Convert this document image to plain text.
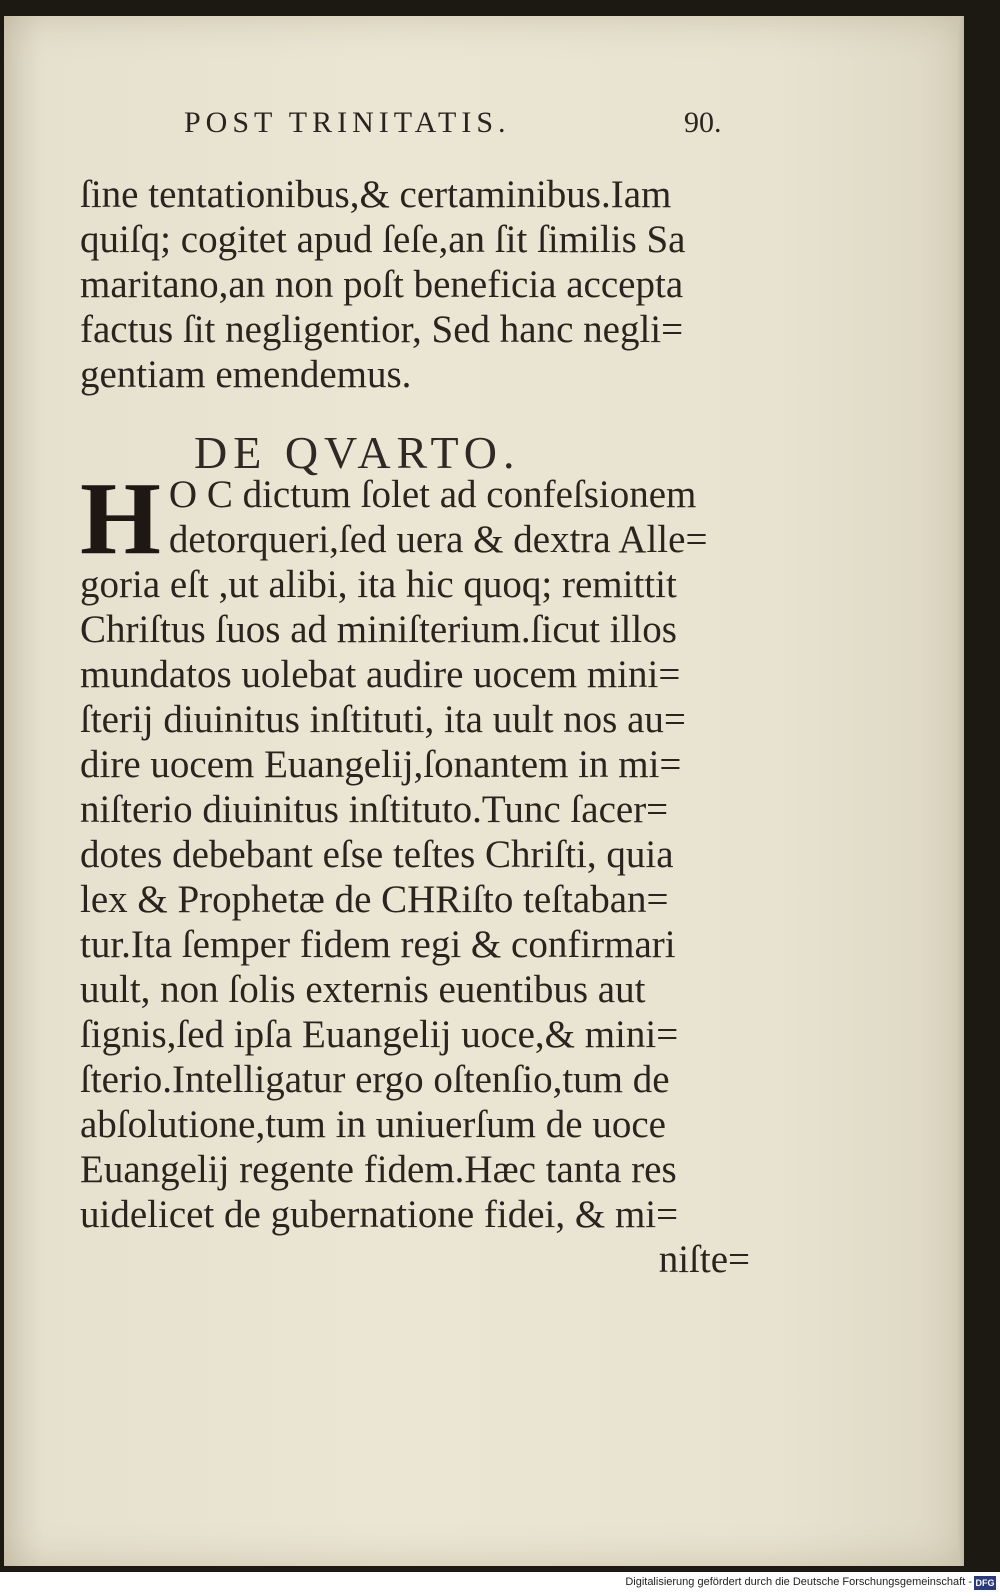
POST TRINITATIS.	90.
ſine tentationibus,& certaminibus.Iam
quiſq; cogitet apud ſeſe,an ſit ſimilis Sa
maritano,an non poſt beneficia accepta
factus ſit negligentior, Sed hanc negli=
gentiam emendemus.
DE QVARTO.
H O C dictum ſolet ad confeſsionem
detorqueri,ſed uera & dextra Alle=
goria eſt ,ut alibi, ita hic quoq; remittit
Chriſtus ſuos ad miniſterium.ſicut illos
mundatos uolebat audire uocem mini=
ſterij diuinitus inſtituti, ita uult nos au=
dire uocem Euangelij,ſonantem in mi=
niſterio diuinitus inſtituto.Tunc ſacer=
dotes debebant eſse teſtes Chriſti, quia
lex & Prophetæ de CHRiſto teſtaban=
tur.Ita ſemper fidem regi & confirmari
uult, non ſolis externis euentibus aut
ſignis,ſed ipſa Euangelij uoce,& mini=
ſterio.Intelligatur ergo oſtenſio,tum de
abſolutione,tum in uniuerſum de uoce
Euangelij regente fidem.Hæc tanta res
uidelicet de gubernatione fidei, & mi=
niſte=
Digitalisierung gefördert durch die Deutsche Forschungsgemeinschaft - DFG
